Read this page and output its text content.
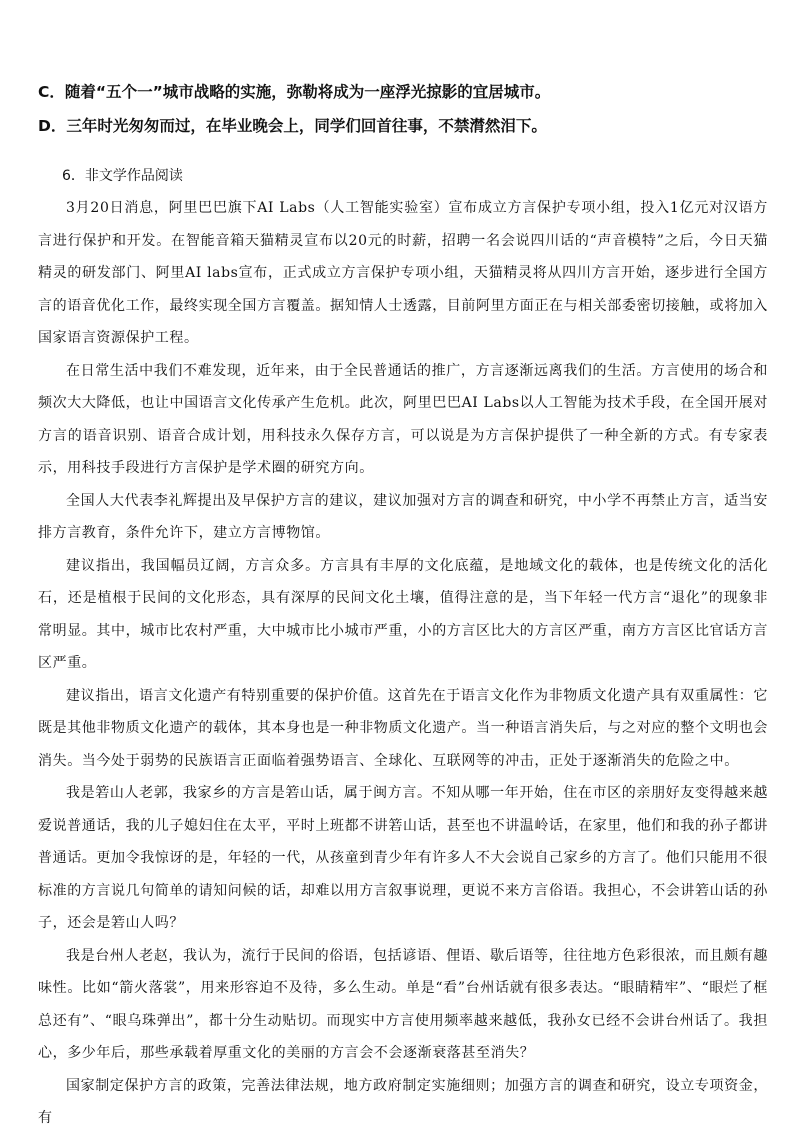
C．随着“五个一”城市战略的实施，弥勒将成为一座浮光掠影的宜居城市。
D．三年时光匆匆而过，在毕业晚会上，同学们回首往事，不禁潸然泪下。
6．非文学作品阅读

3月20日消息，阿里巴巴旗下AI Labs（人工智能实验室）宣布成立方言保护专项小组，投入1亿元对汉语方言进行保护和开发。在智能音箱天猫精灵宣布以20元的时薪，招聘一名会说四川话的“声音模特”之后，今日天猫精灵的研发部门、阿里AI labs宣布，正式成立方言保护专项小组，天猫精灵将从四川方言开始，逐步进行全国方言的语音优化工作，最终实现全国方言覆盖。据知情人士透露，目前阿里方面正在与相关部委密切接触，或将加入国家语言资源保护工程。

在日常生活中我们不难发现，近年来，由于全民普通话的推广，方言逐渐远离我们的生活。方言使用的场合和频次大大降低，也让中国语言文化传承产生危机。此次，阿里巴巴AI Labs以人工智能为技术手段，在全国开展对方言的语音识别、语音合成计划，用科技永久保存方言，可以说是为方言保护提供了一种全新的方式。有专家表示，用科技手段进行方言保护是学术圈的研究方向。

全国人大代表李礼辉提出及早保护方言的建议，建议加强对方言的调查和研究，中小学不再禁止方言，适当安排方言教育，条件允许下，建立方言博物馆。

建议指出，我国幅员辽阔，方言众多。方言具有丰厚的文化底蕴，是地域文化的载体，也是传统文化的活化石，还是植根于民间的文化形态，具有深厚的民间文化土壤，值得注意的是，当下年轻一代方言“退化”的现象非常明显。其中，城市比农村严重，大中城市比小城市严重，小的方言区比大的方言区严重，南方方言区比官话方言区严重。

建议指出，语言文化遗产有特别重要的保护价值。这首先在于语言文化作为非物质文化遗产具有双重属性：它既是其他非物质文化遗产的载体，其本身也是一种非物质文化遗产。当一种语言消失后，与之对应的整个文明也会消失。当今处于弱势的民族语言正面临着强势语言、全球化、互联网等的冲击，正处于逐渐消失的危险之中。

我是箬山人老郭，我家乡的方言是箬山话，属于闽方言。不知从哪一年开始，住在市区的亲朋好友变得越来越爱说普通话，我的儿子媳妇住在太平，平时上班都不讲箬山话，甚至也不讲温岭话，在家里，他们和我的孙子都讲普通话。更加令我惊讶的是，年轻的一代，从孩童到青少年有许多人不大会说自己家乡的方言了。他们只能用不很标准的方言说几句简单的请知问候的话，却难以用方言叙事说理，更说不来方言俗语。我担心，不会讲箬山话的孙子，还会是箬山人吗？

我是台州人老赵，我认为，流行于民间的俗语，包括谚语、俚语、歇后语等，往往地方色彩很浓，而且颇有趣味性。比如“箭火落裳”，用来形容迫不及待，多么生动。单是“看”台州话就有很多表达。“眼睛精牢”、“眼烂了框总还有”、“眼乌珠弹出”，都十分生动贴切。而现实中方言使用频率越来越低，我孙女已经不会讲台州话了。我担心，多少年后，那些承载着厚重文化的美丽的方言会不会逐渐衰落甚至消失？

国家制定保护方言的政策，完善法律法规，地方政府制定实施细则；加强方言的调查和研究，设立专项资金，有
